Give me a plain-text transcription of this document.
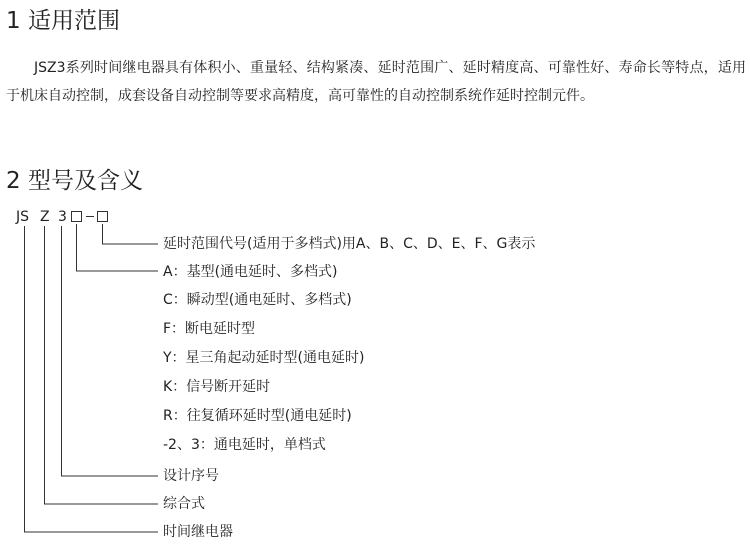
1 适用范围
JSZ3系列时间继电器具有体积小、重量轻、结构紧凑、延时范围广、延时精度高、可靠性好、寿命长等特点，适用于机床自动控制，成套设备自动控制等要求高精度，高可靠性的自动控制系统作延时控制元件。
2 型号及含义
JS Z 3
延时范围代号(适用于多档式)用A、B、C、D、E、F、G表示
A：基型(通电延时、多档式)
C：瞬动型(通电延时、多档式)
F：断电延时型
Y：星三角起动延时型(通电延时)
K：信号断开延时
R：往复循环延时型(通电延时)
-2、3：通电延时，单档式
设计序号
综合式
时间继电器
